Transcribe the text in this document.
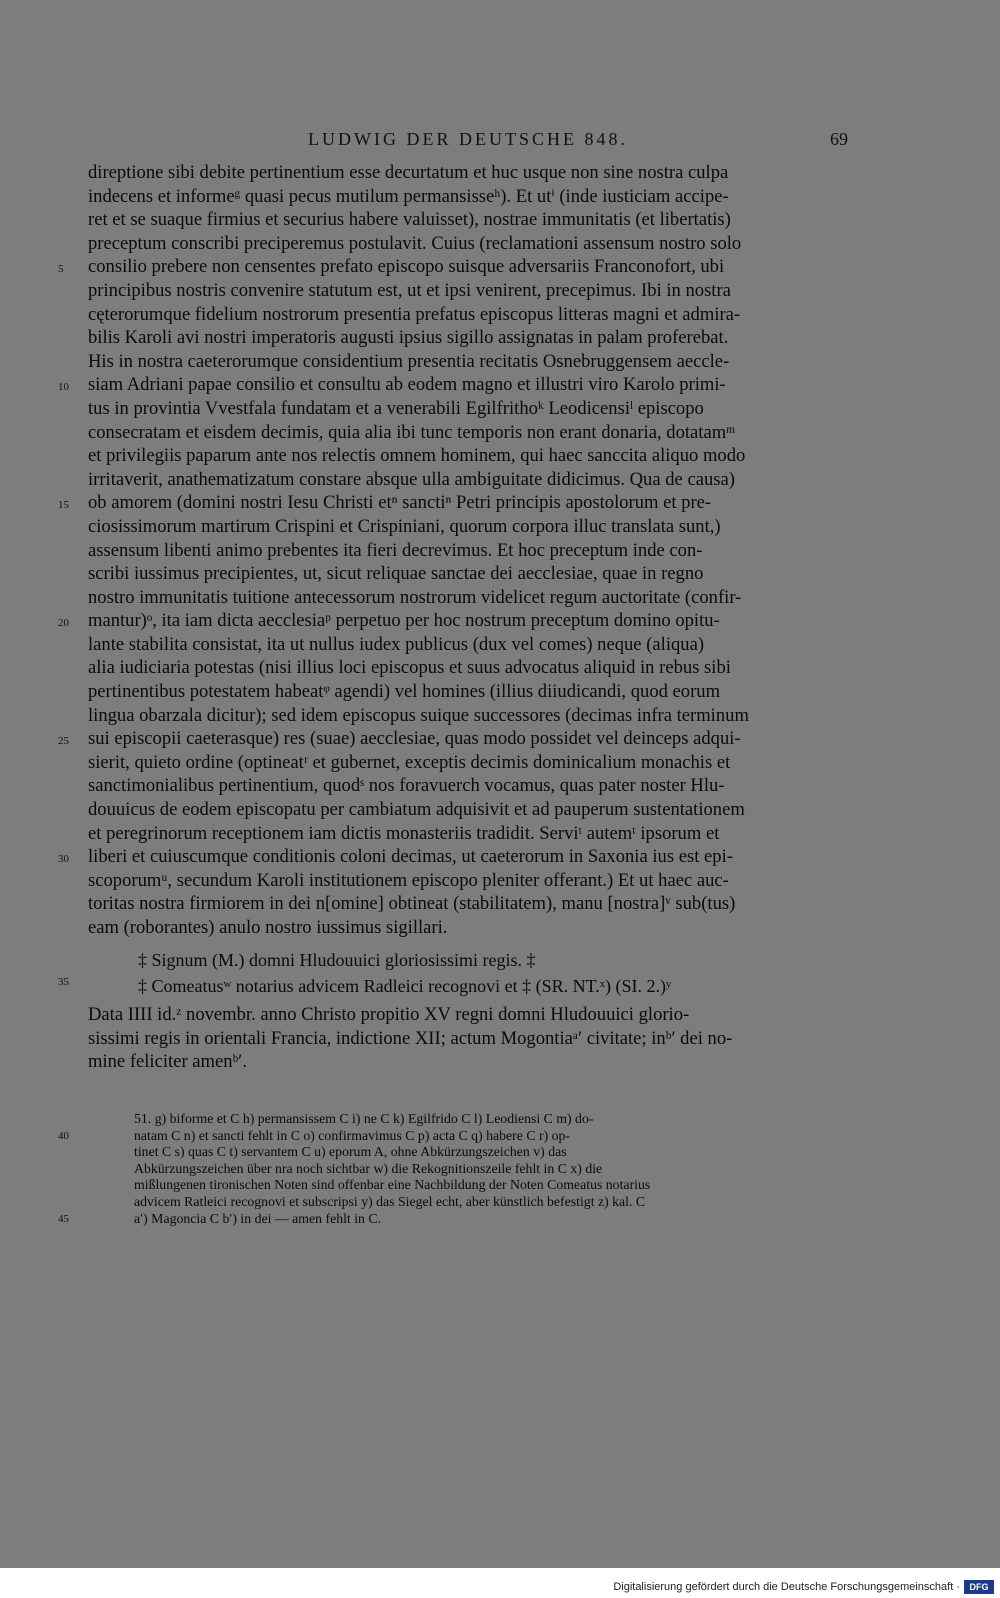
LUDWIG DER DEUTSCHE 848.	69
direptione sibi debite pertinentium esse decurtatum et huc usque non sine nostra culpa
indecens et informeᵍ quasi pecus mutilum permansisseʰ). Et utⁱ (inde iusticiam accipe-
ret et se suaque firmius et securius habere valuisset), nostrae immunitatis (et libertatis)
preceptum conscribi preciperemus postulavit. Cuius (reclamationi assensum nostro solo
consilio prebere non censentes prefato episcopo suisque adversariis Franconofort, ubi
principibus nostris convenire statutum est, ut et ipsi venirent, precepimus. Ibi in nostra
cęterorumque fidelium nostrorum presentia prefatus episcopus litteras magni et admira-
bilis Karoli avi nostri imperatoris augusti ipsius sigillo assignatas in palam proferebat.
His in nostra caeterorumque considentium presentia recitatis Osnebruggensem aeccle-
siam Adriani papae consilio et consultu ab eodem magno et illustri viro Karolo primi-
tus in provintia Vvestfala fundatam et a venerabili Egilfrithoᵏ Leodicensiˡ episcopo
consecratam et eisdem decimis, quia alia ibi tunc temporis non erant donaria, dotatamᵐ
et privilegiis paparum ante nos relectis omnem hominem, qui haec sanccita aliquo modo
irritaverit, anathematizatum constare absque ulla ambiguitate didicimus. Qua de causa)
ob amorem (domini nostri Iesu Christi etⁿ sanctiⁿ Petri principis apostolorum et pre-
ciosissimorum martirum Crispini et Crispiniani, quorum corpora illuc translata sunt,)
assensum libenti animo prebentes ita fieri decrevimus. Et hoc preceptum inde con-
scribi iussimus precipientes, ut, sicut reliquae sanctae dei aecclesiae, quae in regno
nostro immunitatis tuitione antecessorum nostrorum videlicet regum auctoritate (confir-
mantur)ᵒ, ita iam dicta aecclesiaᵖ perpetuo per hoc nostrum preceptum domino opitu-
lante stabilita consistat, ita ut nullus iudex publicus (dux vel comes) neque (aliqua)
alia iudiciaria potestas (nisi illius loci episcopus et suus advocatus aliquid in rebus sibi
pertinentibus potestatem habeatᵠ agendi) vel homines (illius diiudicandi, quod eorum
lingua obarzala dicitur); sed idem episcopus suique successores (decimas infra terminum
sui episcopii caeterasque) res (suae) aecclesiae, quas modo possidet vel deinceps adqui-
sierit, quieto ordine (optineatʳ et gubernet, exceptis decimis dominicalium monachis et
sanctimonialibus pertinentium, quodˢ nos foravuerch vocamus, quas pater noster Hlu-
douuicus de eodem episcopatu per cambiatum adquisivit et ad pauperum sustentationem
et peregrinorum receptionem iam dictis monasteriis tradidit. Serviᵗ autemᵗ ipsorum et
liberi et cuiuscumque conditionis coloni decimas, ut caeterorum in Saxonia ius est epi-
scoporumᵘ, secundum Karoli institutionem episcopo pleniter offerant.) Et ut haec auc-
toritas nostra firmiorem in dei n[omine] obtineat (stabilitatem), manu [nostra]ᵛ sub(tus)
eam (roborantes) anulo nostro iussimus sigillari.
5
10
15
20
25
30
35
40
45
‡ Signum (M.) domni Hludouuici gloriosissimi regis. ‡
‡ Comeatusʷ notarius advicem Radleici recognovi et ‡ (SR. NT.ˣ) (SI. 2.)ʸ
Data IIII id.ᶻ novembr. anno Christo propitio XV regni domni Hludouuici glorio-
sissimi regis in orientali Francia, indictione XII; actum Mogontiaᵃ′ civitate; inᵇ′ dei no-
mine feliciter amenᵇ′.
51. g) biforme et C h) permansissem C i) ne C k) Egilfrido C l) Leodiensi C m) do-
natam C n) et sancti fehlt in C o) confirmavimus C p) acta C q) habere C r) op-
tinet C s) quas C t) servantem C u) eporum A, ohne Abkürzungszeichen v) das
Abkürzungszeichen über nra noch sichtbar w) die Rekognitionszeile fehlt in C x) die
mißlungenen tironischen Noten sind offenbar eine Nachbildung der Noten Comeatus notarius
advicem Ratleici recognovi et subscripsi y) das Siegel echt, aber künstlich befestigt z) kal. C
a′) Magoncia C b′) in dei — amen fehlt in C.
Digitalisierung gefördert durch die Deutsche Forschungsgemeinschaft ·	DFG
